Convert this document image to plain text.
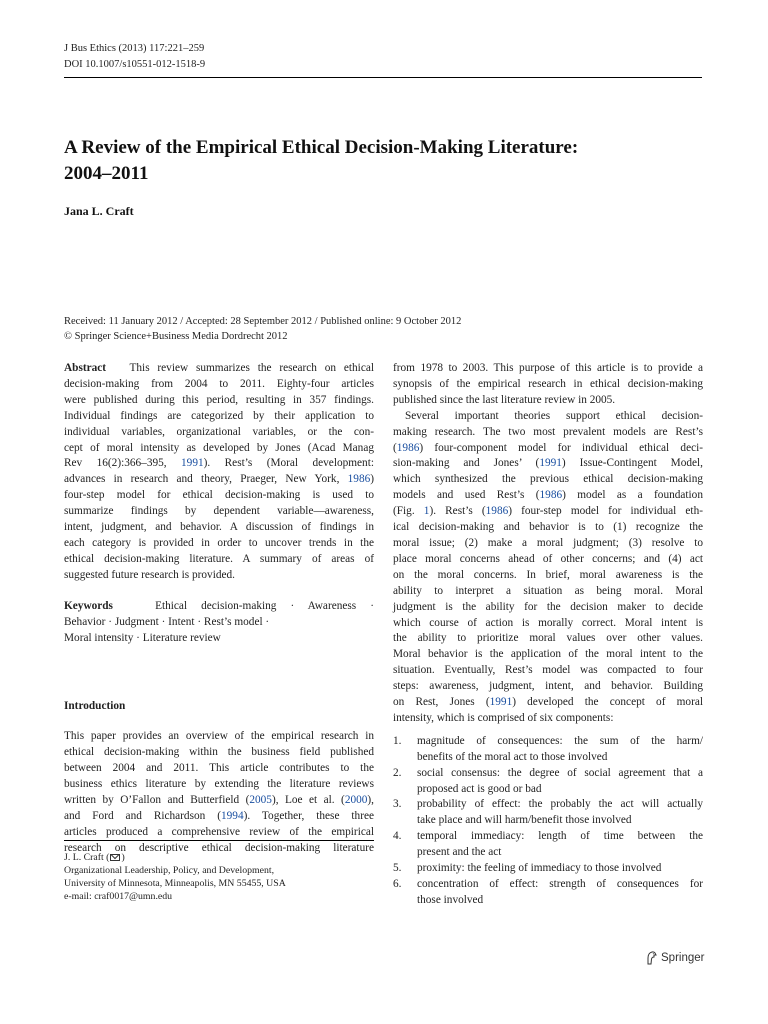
J Bus Ethics (2013) 117:221–259
DOI 10.1007/s10551-012-1518-9
A Review of the Empirical Ethical Decision-Making Literature:
2004–2011
Jana L. Craft
Received: 11 January 2012 / Accepted: 28 September 2012 / Published online: 9 October 2012
© Springer Science+Business Media Dordrecht 2012
Abstract This review summarizes the research on ethical
decision-making from 2004 to 2011. Eighty-four articles
were published during this period, resulting in 357 findings.
Individual findings are categorized by their application to
individual variables, organizational variables, or the con-
cept of moral intensity as developed by Jones (Acad Manag
Rev 16(2):366–395, 1991). Rest’s (Moral development:
advances in research and theory, Praeger, New York, 1986)
four-step model for ethical decision-making is used to
summarize findings by dependent variable—awareness,
intent, judgment, and behavior. A discussion of findings in
each category is provided in order to uncover trends in the
ethical decision-making literature. A summary of areas of
suggested future research is provided.
Keywords	Ethical decision-making · Awareness ·
Behavior · Judgment · Intent · Rest’s model ·
Moral intensity · Literature review
Introduction
This paper provides an overview of the empirical research in
ethical decision-making within the business field published
between 2004 and 2011. This article contributes to the
business ethics literature by extending the literature reviews
written by O’Fallon and Butterfield (2005), Loe et al. (2000),
and Ford and Richardson (1994). Together, these three
articles produced a comprehensive review of the empirical
research on descriptive ethical decision-making literature
J. L. Craft ( )
Organizational Leadership, Policy, and Development,
University of Minnesota, Minneapolis, MN 55455, USA
e-mail: craf0017@umn.edu
from 1978 to 2003. This purpose of this article is to provide a
synopsis of the empirical research in ethical decision-making
published since the last literature review in 2005.
Several important theories support ethical decision-
making research. The two most prevalent models are Rest’s
(1986) four-component model for individual ethical deci-
sion-making and Jones’ (1991) Issue-Contingent Model,
which synthesized the previous ethical decision-making
models and used Rest’s (1986) model as a foundation
(Fig. 1). Rest’s (1986) four-step model for individual eth-
ical decision-making and behavior is to (1) recognize the
moral issue; (2) make a moral judgment; (3) resolve to
place moral concerns ahead of other concerns; and (4) act
on the moral concerns. In brief, moral awareness is the
ability to interpret a situation as being moral. Moral
judgment is the ability for the decision maker to decide
which course of action is morally correct. Moral intent is
the ability to prioritize moral values over other values.
Moral behavior is the application of the moral intent to the
situation. Eventually, Rest’s model was compacted to four
steps: awareness, judgment, intent, and behavior. Building
on Rest, Jones (1991) developed the concept of moral
intensity, which is comprised of six components:
1.	magnitude of consequences: the sum of the harm/
benefits of the moral act to those involved
2.	social consensus: the degree of social agreement that a
proposed act is good or bad
3.	probability of effect: the probably the act will actually
take place and will harm/benefit those involved
4.	temporal immediacy: length of time between the
present and the act
5.	proximity: the feeling of immediacy to those involved
6.	concentration of effect: strength of consequences for
those involved
Springer
